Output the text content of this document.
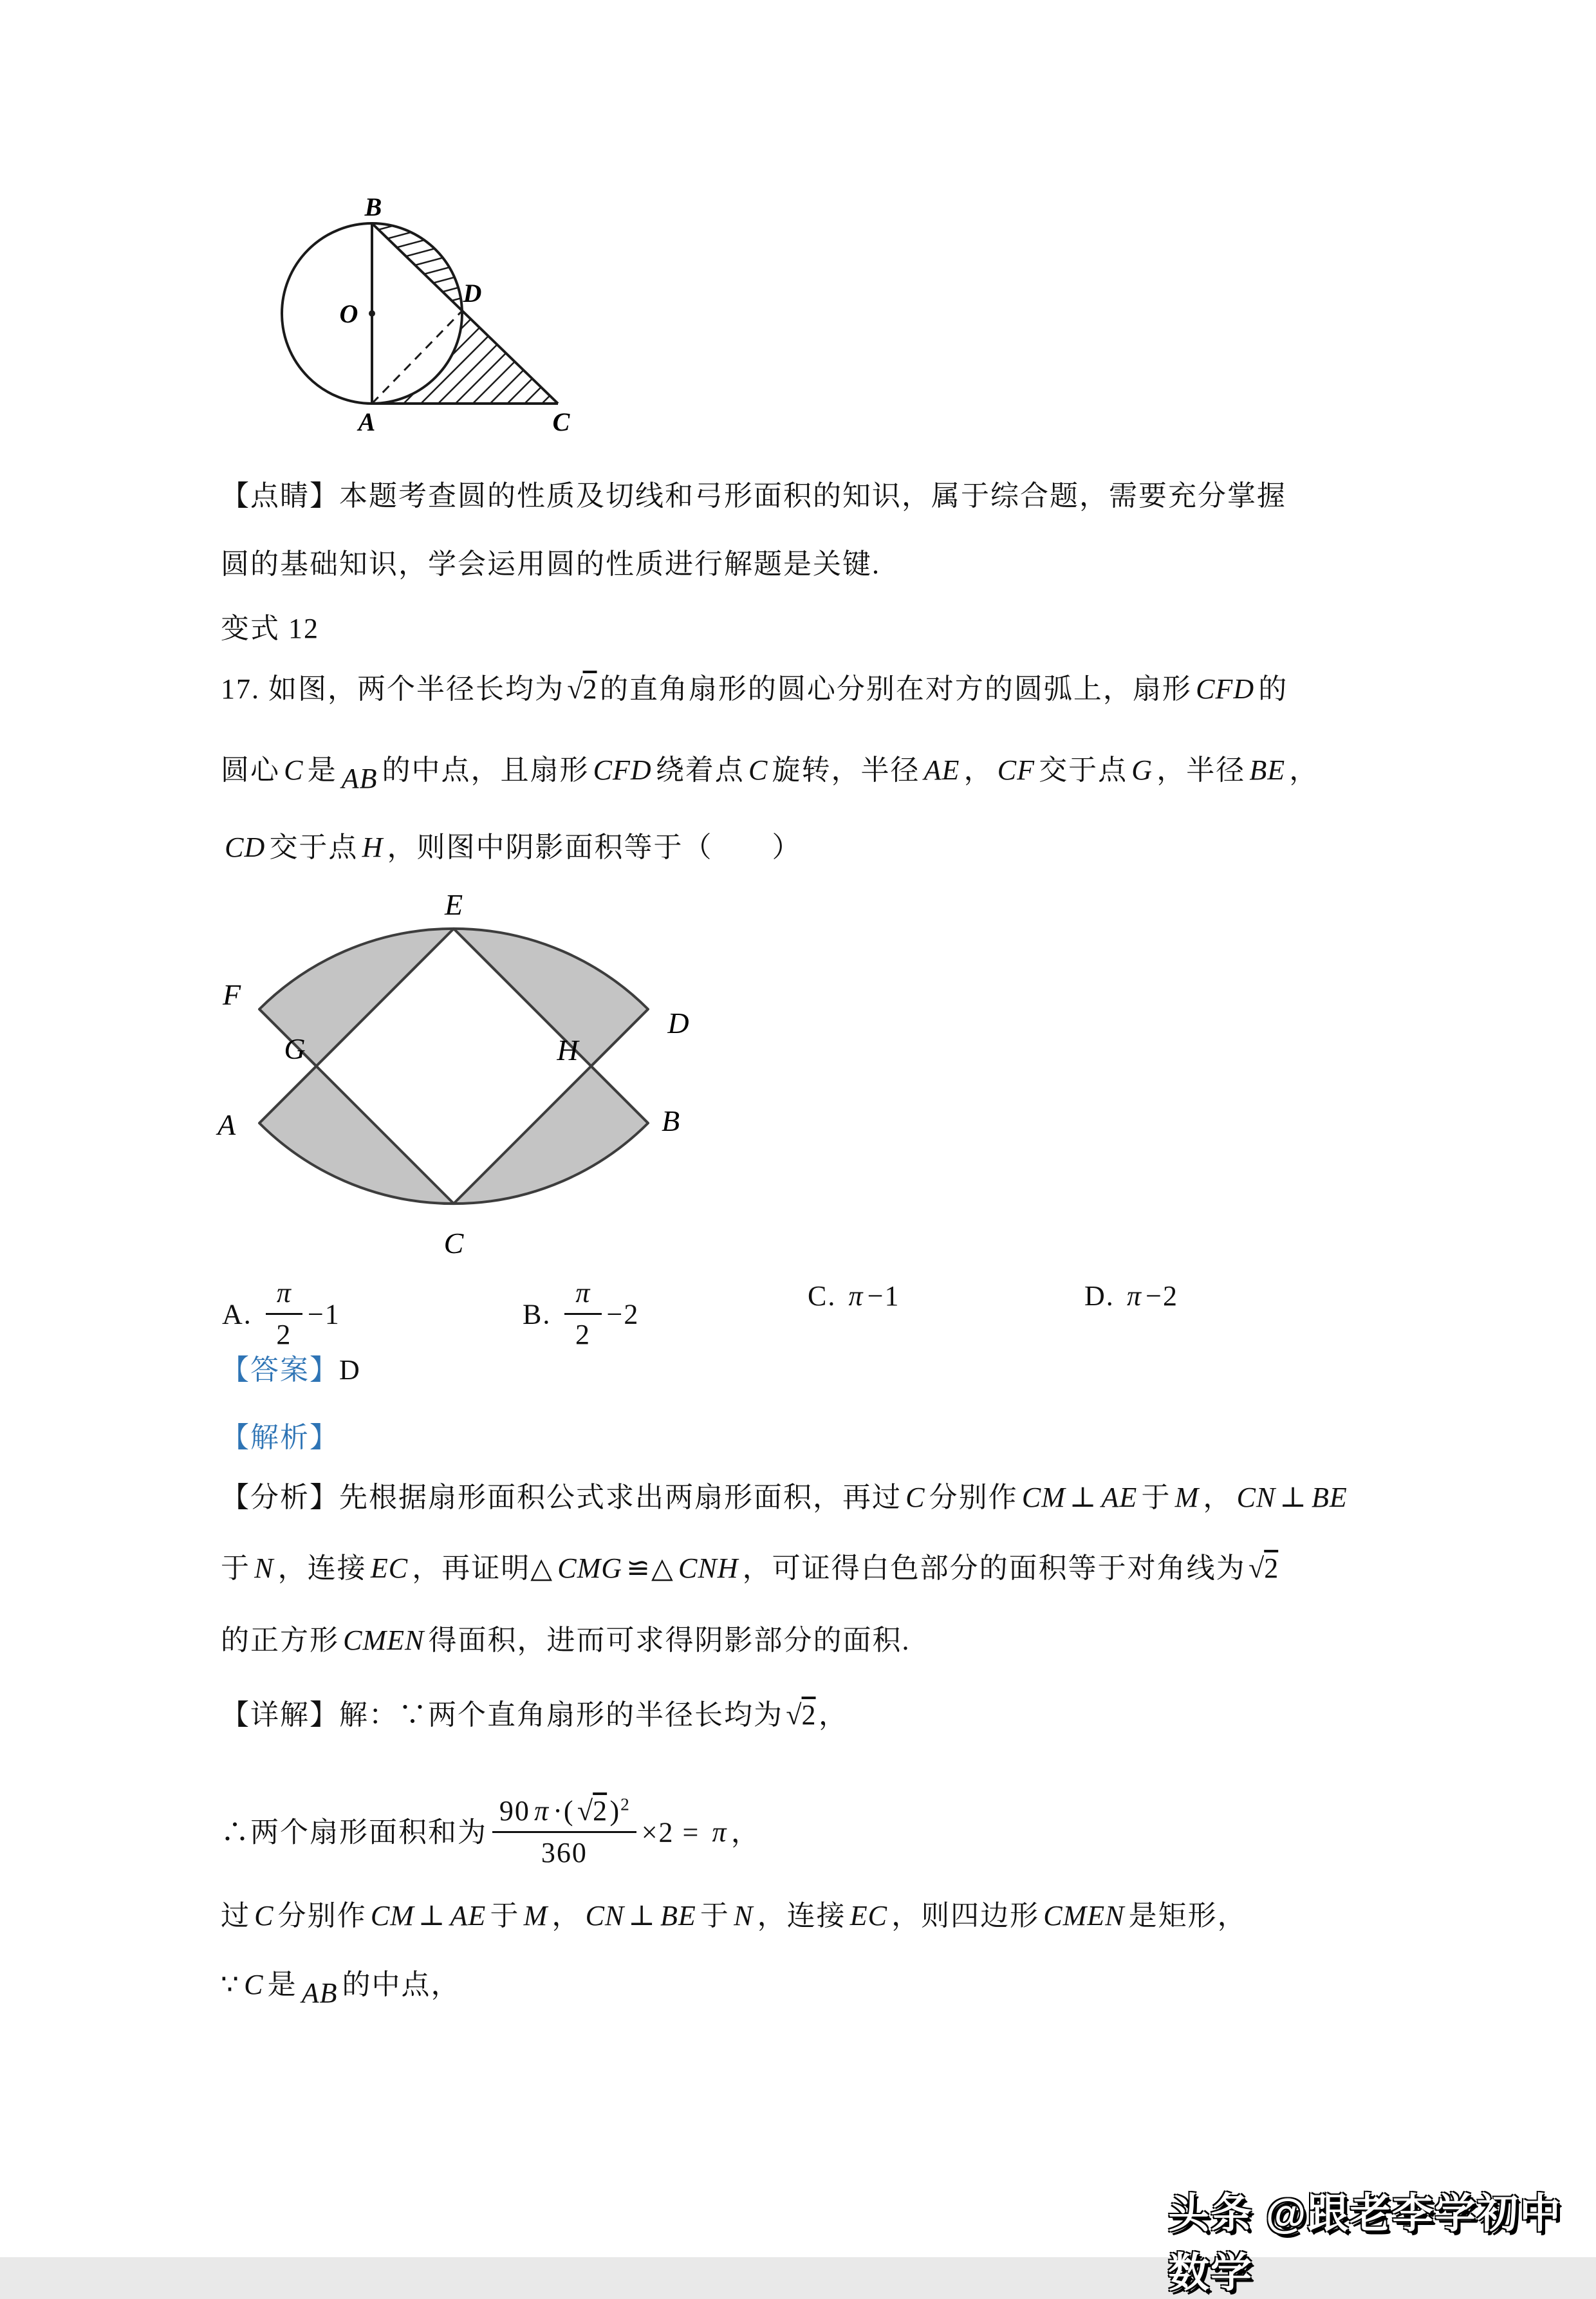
B
O
D
A	C
【点睛】本题考查圆的性质及切线和弓形面积的知识，属于综合题，需要充分掌握
圆的基础知识，学会运用圆的性质进行解题是关键.
变式 12
17. 如图，两个半径长均为√2的直角扇形的圆心分别在对方的圆弧上，扇形 CFD 的
圆心 C 是 AB 的中点，且扇形 CFD 绕着点 C 旋转，半径 AE ， CF 交于点 G ，半径 BE ，
CD 交于点 H ，则图中阴影面积等于（　　）
E
F
G
A
C
B
H
D
A. $\frac{\pi}{2} -1$	B. $\frac{\pi}{2} -2$
C. π −1	D. π −2
【答案】D
【解析】
【分析】先根据扇形面积公式求出两扇形面积，再过 C 分别作 CM ⊥ AE 于 M ， CN ⊥ BE
于 N ，连接 EC ，再证明△ CMG ≌△ CNH ，可证得白色部分的面积等于对角线为√2
的正方形 CMEN 得面积，进而可求得阴影部分的面积.
【详解】解：∵两个直角扇形的半径长均为√2，
∴两个扇形面积和为 $\frac{90 \pi \cdot(√2)^2}{360} \times 2 = \pi$ ，
过 C 分别作 CM ⊥ AE 于 M ， CN ⊥ BE 于 N ，连接 EC ，则四边形 CMEN 是矩形，
∵ C 是 AB 的中点，
头条 @跟老李学初中数学
